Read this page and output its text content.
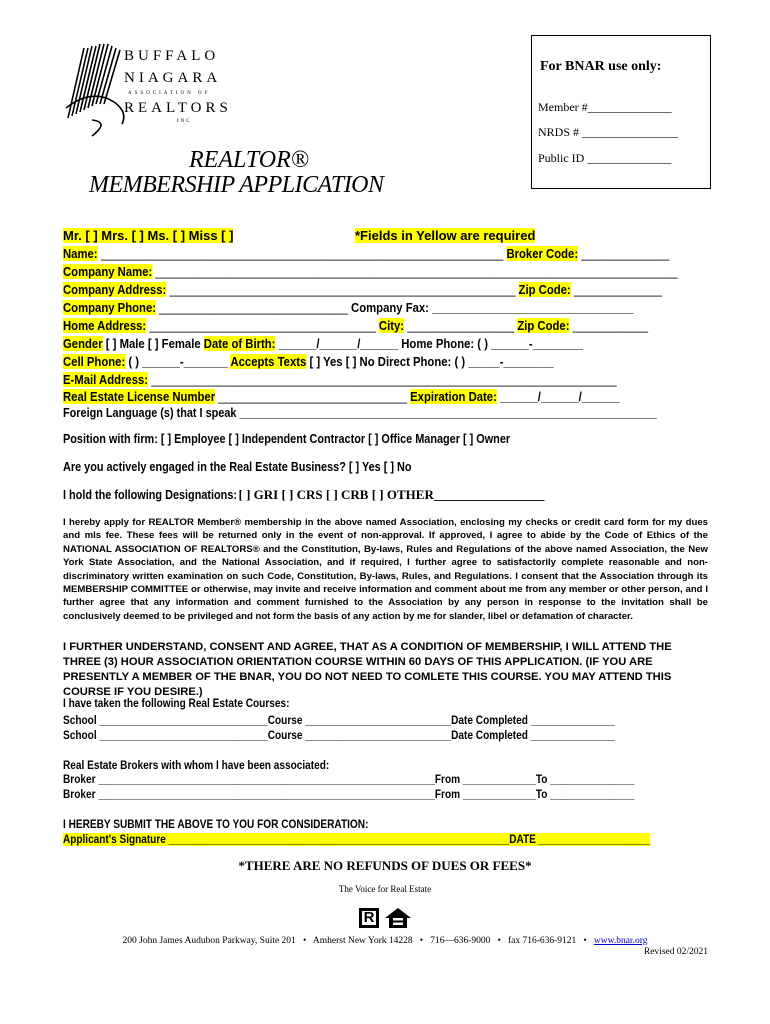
BUFFALO
NIAGARA
ASSOCIATION OF
REALTORS
INC
For BNAR use only:
Member #______________
NRDS # ________________
Public ID ______________
REALTOR®
MEMBERSHIP APPLICATION
Mr. [ ] Mrs. [ ] Ms. [ ] Miss [ ]	*Fields in Yellow are required
Name: ________________________________________________________________ Broker Code: ______________
Company Name: ___________________________________________________________________________________
Company Address: _______________________________________________________ Zip Code: ______________
Company Phone: ______________________________ Company Fax: ________________________________
Home Address: ____________________________________ City: _________________ Zip Code: ____________
Gender [ ] Male [ ] Female Date of Birth: ______/______/______ Home Phone: ( ) ______-________
Cell Phone: ( ) ______-_______ Accepts Texts [ ] Yes [ ] No Direct Phone: ( ) _____-________
E-Mail Address: __________________________________________________________________________
Real Estate License Number ______________________________ Expiration Date: ______/______/______
Foreign Language (s) that I speak _____________________________________________________________________
Position with firm: [ ] Employee [ ] Independent Contractor [ ] Office Manager [ ] Owner
Are you actively engaged in the Real Estate Business? [ ] Yes [ ] No
I hold the following Designations: [ ] GRI [ ] CRS [ ] CRB [ ] OTHER_________________
I hereby apply for REALTOR Member® membership in the above named Association, enclosing my checks or credit card form for my dues and mls fee. These fees will be returned only in the event of non-approval. If approved, I agree to abide by the Code of Ethics of the NATIONAL ASSOCIATION OF REALTORS® and the Constitution, By-laws, Rules and Regulations of the above named Association, the New York State Association, and the National Association, and if required, I further agree to satisfactorily complete reasonable and non-discriminatory written examination on such Code, Constitution, By-laws, Rules, and Regulations. I consent that the Association through its MEMBERSHIP COMMITTEE or otherwise, may invite and receive information and comment about me from any member or other person, and I further agree that any information and comment furnished to the Association by any person in response to the invitation shall be conclusively deemed to be privileged and not form the basis of any action by me for slander, libel or defamation of character.
I FURTHER UNDERSTAND, CONSENT AND AGREE, THAT AS A CONDITION OF MEMBERSHIP, I WILL ATTEND THE THREE (3) HOUR ASSOCIATION ORIENTATION COURSE WITHIN 60 DAYS OF THIS APPLICATION. (IF YOU ARE PRESENTLY A MEMBER OF THE BNAR, YOU DO NOT NEED TO COMLETE THIS COURSE. YOU MAY ATTEND THIS COURSE IF YOU DESIRE.)
I have taken the following Real Estate Courses:
School ______________________________Course __________________________Date Completed _______________
School ______________________________Course __________________________Date Completed _______________
Real Estate Brokers with whom I have been associated:
Broker ____________________________________________________________From _____________To _______________
Broker ____________________________________________________________From _____________To _______________
I HEREBY SUBMIT THE ABOVE TO YOU FOR CONSIDERATION:
Applicant's Signature _____________________________________________________________DATE ____________________
*THERE ARE NO REFUNDS OF DUES OR FEES*
The Voice for Real Estate
R
200 John James Audubon Parkway, Suite 201   •   Amherst New York 14228   •   716—636-9000   •   fax 716-636-9121   •   www.bnar.org
Revised 02/2021
